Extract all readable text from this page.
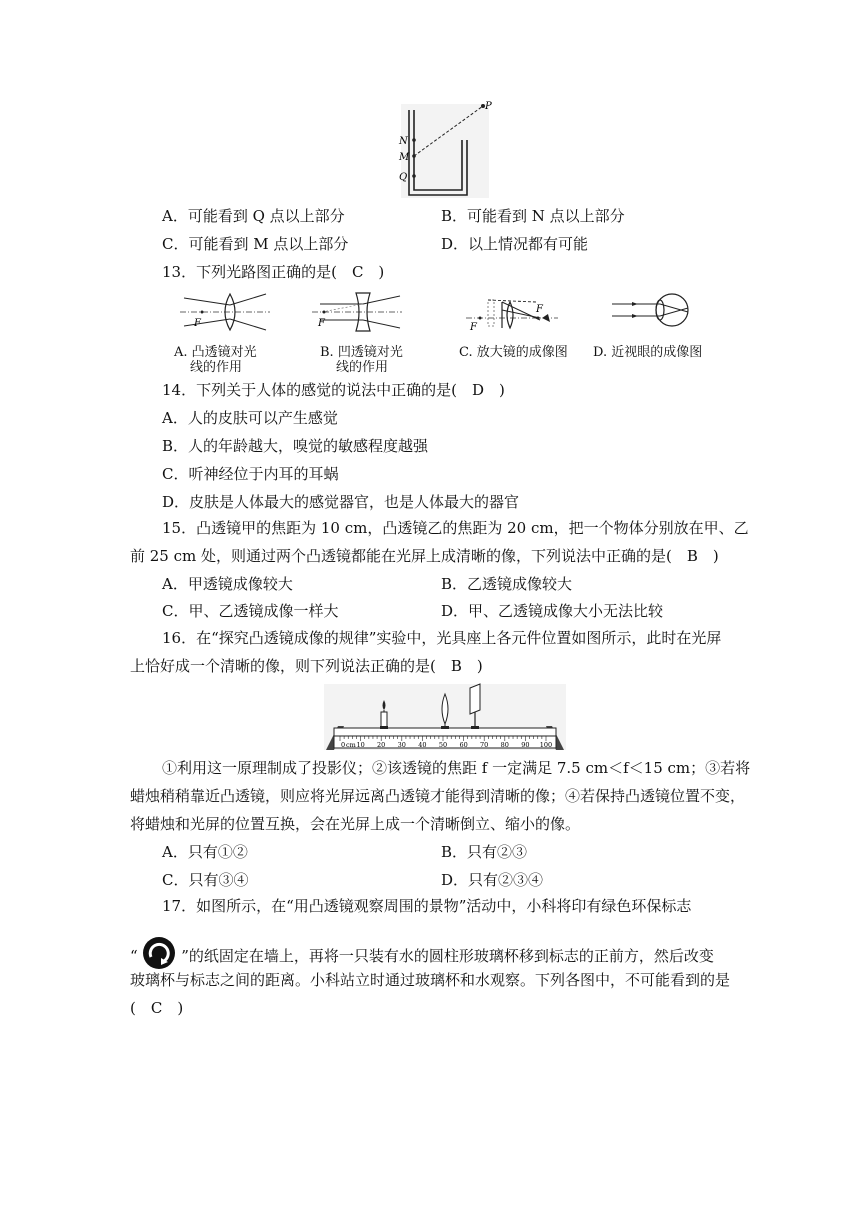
P
N
M
Q
A．可能看到 Q 点以上部分	B．可能看到 N 点以上部分
C．可能看到 M 点以上部分	D．以上情况都有可能
13．下列光路图正确的是(　C　)
F	F	F
F
A. 凸透镜对光
线的作用
B. 凹透镜对光
线的作用
C. 放大镜的成像图 D. 近视眼的成像图
14．下列关于人体的感觉的说法中正确的是(　D　)
A．人的皮肤可以产生感觉
B．人的年龄越大，嗅觉的敏感程度越强
C．听神经位于内耳的耳蜗
D．皮肤是人体最大的感觉器官，也是人体最大的器官
15．凸透镜甲的焦距为 10 cm，凸透镜乙的焦距为 20 cm，把一个物体分别放在甲、乙
前 25 cm 处，则通过两个凸透镜都能在光屏上成清晰的像，下列说法中正确的是(　B　)
A．甲透镜成像较大	B．乙透镜成像较大
C．甲、乙透镜成像一样大	D．甲、乙透镜成像大小无法比较
16．在“探究凸透镜成像的规律”实验中，光具座上各元件位置如图所示，此时在光屏
上恰好成一个清晰的像，则下列说法正确的是(　B　)
0 10 20 30 40 50 60 70 80 90 100
cm
①利用这一原理制成了投影仪；②该透镜的焦距 f 一定满足 7.5 cm＜f＜15 cm；③若将
蜡烛稍稍靠近凸透镜，则应将光屏远离凸透镜才能得到清晰的像；④若保持凸透镜位置不变，
将蜡烛和光屏的位置互换，会在光屏上成一个清晰倒立、缩小的像。
A．只有①②	B．只有②③
C．只有③④	D．只有②③④
17．如图所示，在“用凸透镜观察周围的景物”活动中，小科将印有绿色环保标志
“	”的纸固定在墙上，再将一只装有水的圆柱形玻璃杯移到标志的正前方，然后改变
玻璃杯与标志之间的距离。小科站立时通过玻璃杯和水观察。下列各图中，不可能看到的是
(　C　)
